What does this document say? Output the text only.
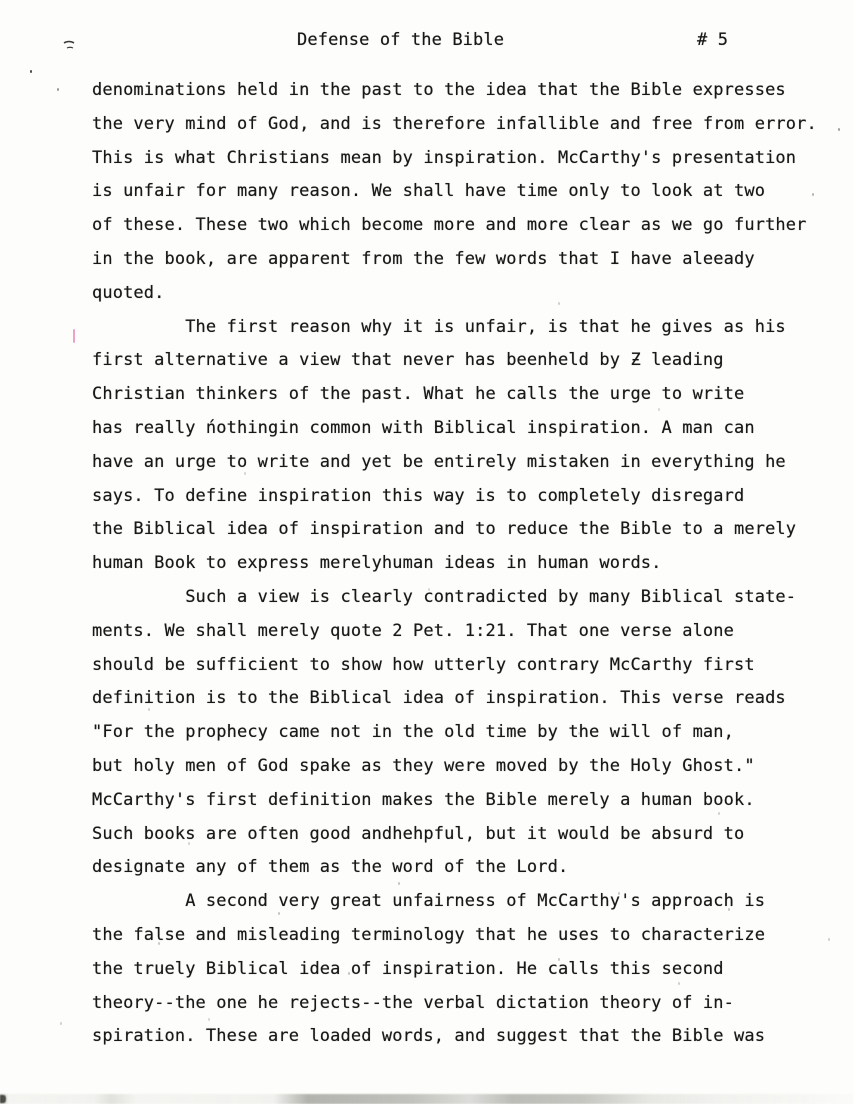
Defense of the Bible	# 5
denominations held in the past to the idea that the Bible expresses
the very mind of God, and is therefore infallible and free from error.
This is what Christians mean by inspiration. McCarthy's presentation
is unfair for many reason. We shall have time only to look at two
of these. These two which become more and more clear as we go further
in the book, are apparent from the few words that I have aleeady
quoted.
The first reason why it is unfair, is that he gives as his
first alternative a view that never has beenheld by Ƶ leading
Christian thinkers of the past. What he calls the urge to write
has really ńothingin common with Biblical inspiration. A man can
have an urge to write and yet be entirely mistaken in everything he
says. To define inspiration this way is to completely disregard
the Biblical idea of inspiration and to reduce the Bible to a merely
human Book to express merelyhuman ideas in human words.
Such a view is clearly contradicted by many Biblical state-
ments. We shall merely quote 2 Pet. 1:21. That one verse alone
should be sufficient to show how utterly contrary McCarthy first
definition is to the Biblical idea of inspiration. This verse reads
"For the prophecy came not in the old time by the will of man,
but holy men of God spake as they were moved by the Holy Ghost."
McCarthy's first definition makes the Bible merely a human book.
Such books are often good andhehpful, but it would be absurd to
designate any of them as the word of the Lord.
A second very great unfairness of McCarthy's approach is
the false and misleading terminology that he uses to characterize
the truely Biblical idea of inspiration. He calls this second
theory--the one he rejects--the verbal dictation theory of in-
spiration. These are loaded words, and suggest that the Bible was
